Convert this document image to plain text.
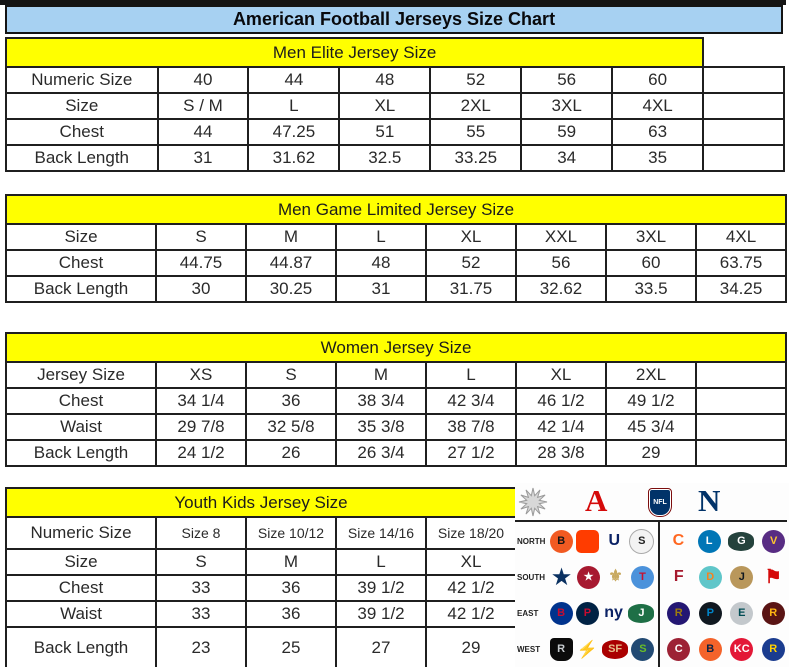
American Football Jerseys Size Chart
Men Elite Jersey Size							
Numeric Size	40	44	48	52	56	60	
Size	S / M	L	XL	2XL	3XL	4XL	
Chest	44	47.25	51	55	59	63	
Back Length	31	31.62	32.5	33.25	34	35	
Men Game Limited Jersey Size							
Size	S	M	L	XL	XXL	3XL	4XL
Chest	44.75	44.87	48	52	56	60	63.75
Back Length	30	30.25	31	31.75	32.62	33.5	34.25
Women Jersey Size							
Jersey Size	XS	S	M	L	XL	2XL	
Chest	34 1/4	36	38 3/4	42 3/4	46 1/2	49 1/2	
Waist	29 7/8	32 5/8	35 3/8	38 7/8	42 1/4	45 3/4	
Back Length	24 1/2	26	26 3/4	27 1/2	28 3/8	29	
Youth Kids Jersey Size				
Numeric Size	Size 8	Size 10/12	Size 14/16	Size 18/20
Size	S	M	L	XL
Chest	33	36	39 1/2	42 1/2
Waist	33	36	39 1/2	42 1/2
Back Length	23	25	27	29
A	NFL N
NORTH	B	U	S	C	L	G	V
SOUTH ★	★ ⚜	T	F	D	J	⚑
EAST	B	P ny	J	R	P	E	R
WEST	R ⚡ SF	S	C	B	KC	R
